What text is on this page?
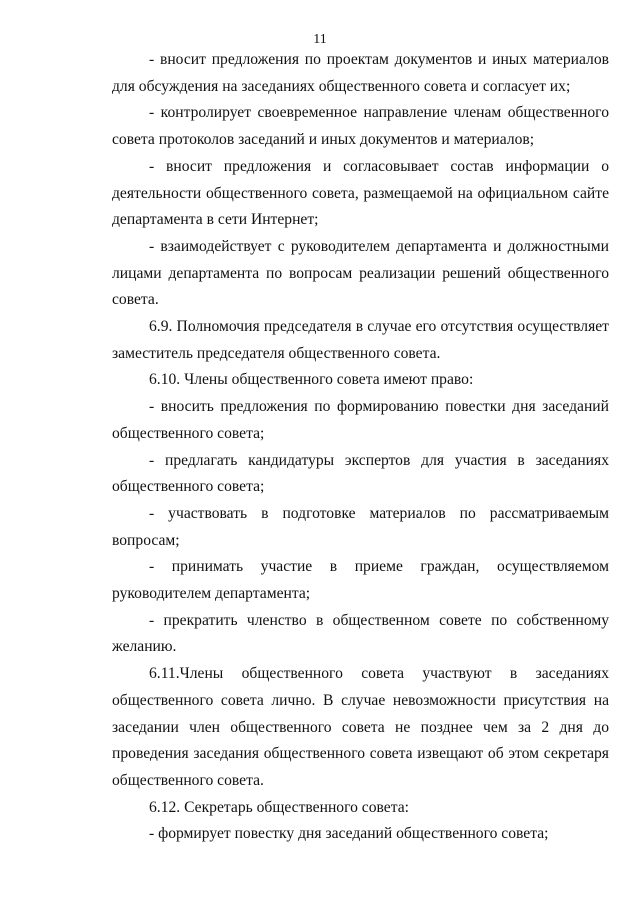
11

- вносит предложения по проектам документов и иных материалов для обсуждения на заседаниях общественного совета и согласует их;

- контролирует своевременное направление членам общественного совета протоколов заседаний и иных документов и материалов;

- вносит предложения и согласовывает состав информации о деятельности общественного совета, размещаемой на официальном сайте департамента в сети Интернет;

- взаимодействует с руководителем департамента и должностными лицами департамента по вопросам реализации решений общественного совета.

6.9. Полномочия председателя в случае его отсутствия осуществляет заместитель председателя общественного совета.

6.10. Члены общественного совета имеют право:

- вносить предложения по формированию повестки дня заседаний общественного совета;

- предлагать кандидатуры экспертов для участия в заседаниях общественного совета;

- участвовать в подготовке материалов по рассматриваемым вопросам;

- принимать участие в приеме граждан, осуществляемом руководителем департамента;

- прекратить членство в общественном совете по собственному желанию.

6.11.Члены общественного совета участвуют в заседаниях общественного совета лично. В случае невозможности присутствия на заседании член общественного совета не позднее чем за 2 дня до проведения заседания общественного совета извещают об этом секретаря общественного совета.

6.12. Секретарь общественного совета:

- формирует повестку дня заседаний общественного совета;
